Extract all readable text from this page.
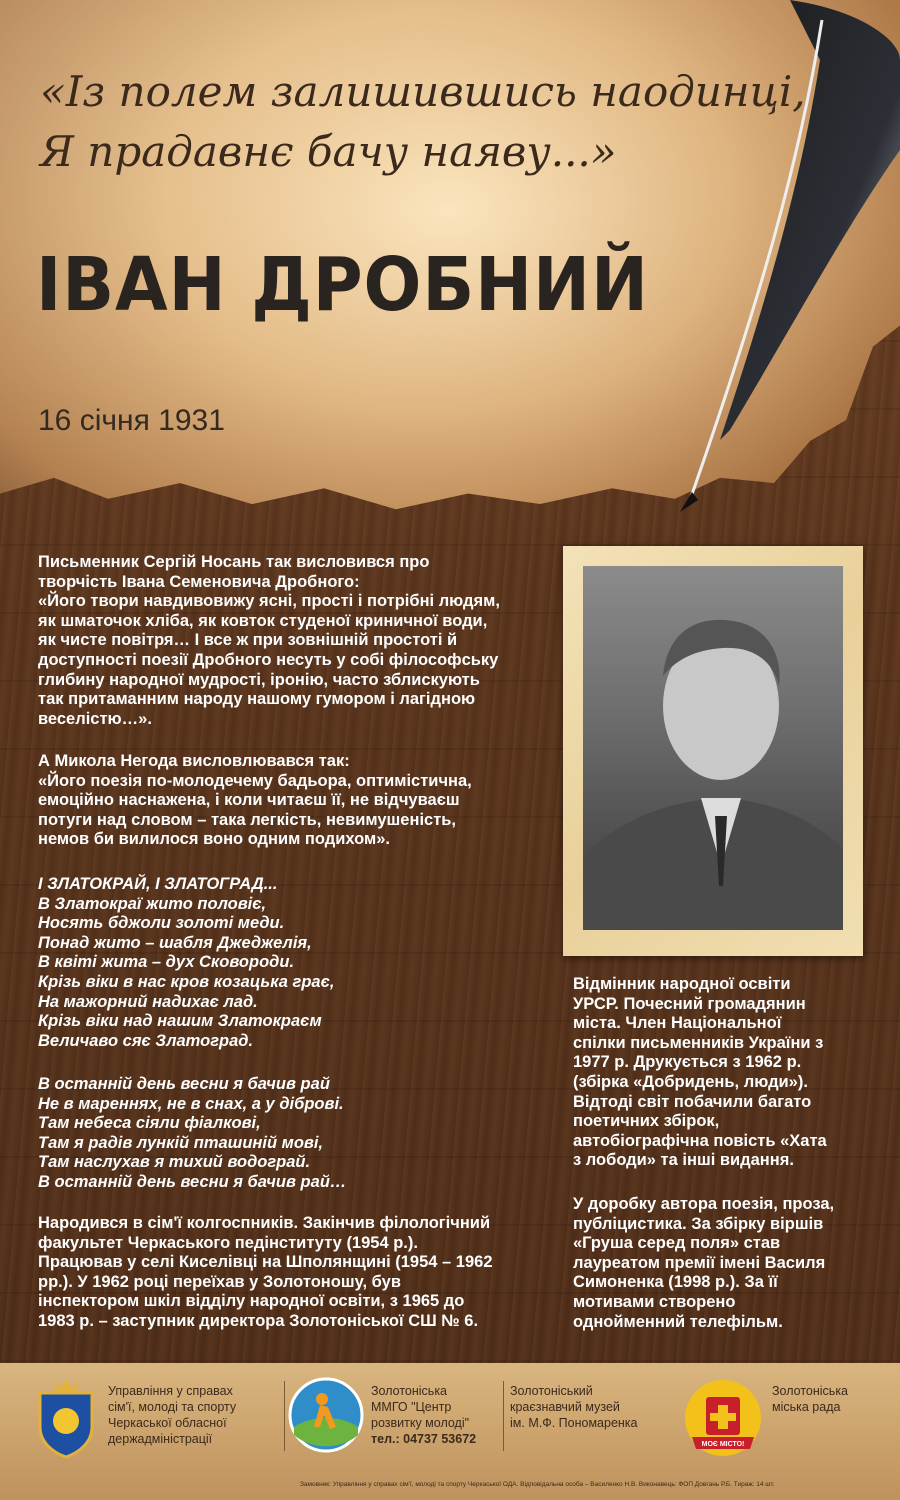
«Із полем залишившись наодинці,
Я прадавнє бачу наяву...»
ІВАН ДРОБНИЙ

16 січня 1931

Письменник Сергій Носань так висловився про

творчість Івана Семеновича Дробного:

«Його твори навдивовижу ясні, прості і потрібні людям,

як шматочок хліба, як ковток студеної криничної води,

як чисте повітря… І все ж при зовнішній простоті й

доступності поезії Дробного несуть у собі філософську

глибину народної мудрості, іронію, часто зблискують

так притаманним народу нашому гумором і лагідною

веселістю…».

А Микола Негода висловлювався так:

«Його поезія по-молодечему бадьора, оптимістична,

емоційно наснажена, і коли читаєш її, не відчуваєш

потуги над словом – така легкість, невимушеність,

немов би вилилося воно одним подихом».

І ЗЛАТОКРАЙ, І ЗЛАТОГРАД...

В Златокраї жито половіє,

Носять бджоли золоті меди.

Понад жито – шабля Джеджелія,

В квіті жита – дух Сковороди.

Крізь віки в нас кров козацька грає,

На мажорний надихає лад.

Крізь віки над нашим Златокраєм

Величаво сяє Златоград.

В останній день весни я бачив рай

Не в мареннях, не в снах, а у діброві.

Там небеса сіяли фіалкові,

Там я радів лункій пташиній мові,

Там наслухав я тихий водограй.

В останній день весни я бачив рай…

Народився в сім'ї колгоспників. Закінчив філологічний

факультет Черкаського педінституту (1954 р.).

Працював у селі Киселівці на Шполянщині (1954 – 1962

рр.). У 1962 році переїхав у Золотоношу, був

інспектором шкіл відділу народної освіти, з 1965 до

1983 р. – заступник директора Золотоніської СШ № 6.

Відмінник народної освіти

УРСР. Почесний громадянин

міста. Член Національної

спілки письменників України з

1977 р. Друкується з 1962 р.

(збірка «Добридень, люди»).

Відтоді світ побачили багато

поетичних збірок,

автобіографічна повість «Хата

з лободи» та інші видання.

У доробку автора поезія, проза,

публіцистика. За збірку віршів

«Груша серед поля» став

лауреатом премії імені Василя

Симоненка (1998 р.). За її

мотивами створено

однойменний телефільм.

Управління у справах
сім'ї, молоді та спорту
Черкаської обласної
держадміністрації
Золотоніська
ММГО "Центр
розвитку молоді"
тел.: 04737 53672
Золотоніський
краєзнавчий музей
ім. М.Ф. Пономаренка
МОЄ МІСТО!
Золотоніська
міська рада
Замовник: Управління у справах сім'ї, молоді та спорту Черкаської ОДА. Відповідальна особа – Василенко Н.В. Виконавець: ФОП Довгань Р.Б. Тираж: 14 шт.
